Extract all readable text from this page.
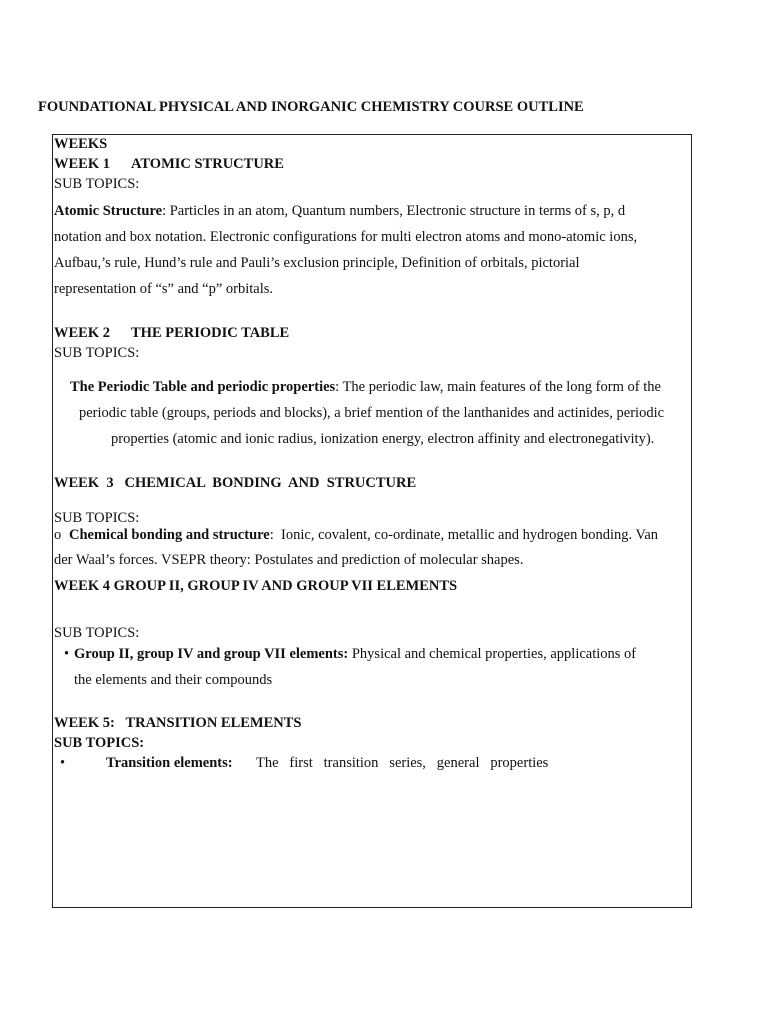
FOUNDATIONAL PHYSICAL AND INORGANIC CHEMISTRY COURSE OUTLINE
WEEKS
WEEK 1 ATOMIC STRUCTURE
SUB TOPICS:
Atomic Structure: Particles in an atom, Quantum numbers, Electronic structure in terms of s, p, d
notation and box notation. Electronic configurations for multi electron atoms and mono-atomic ions,
Aufbau,’s rule, Hund’s rule and Pauli’s exclusion principle, Definition of orbitals, pictorial
representation of “s” and “p” orbitals.
WEEK 2 THE PERIODIC TABLE
SUB TOPICS:
The Periodic Table and periodic properties: The periodic law, main features of the long form of the
periodic table (groups, periods and blocks), a brief mention of the lanthanides and actinides, periodic
properties (atomic and ionic radius, ionization energy, electron affinity and electronegativity).
WEEK  3   CHEMICAL  BONDING  AND  STRUCTURE
SUB TOPICS:
o Chemical bonding and structure:  Ionic, covalent, co-ordinate, metallic and hydrogen bonding. Van
der Waal’s forces. VSEPR theory: Postulates and prediction of molecular shapes.
WEEK 4 GROUP II, GROUP IV AND GROUP VII ELEMENTS
SUB TOPICS:
• Group II, group IV and group VII elements: Physical and chemical properties, applications of
the elements and their compounds
WEEK 5:   TRANSITION ELEMENTS
SUB TOPICS:
•	Transition elements: The   first   transition   series,   general   properties
